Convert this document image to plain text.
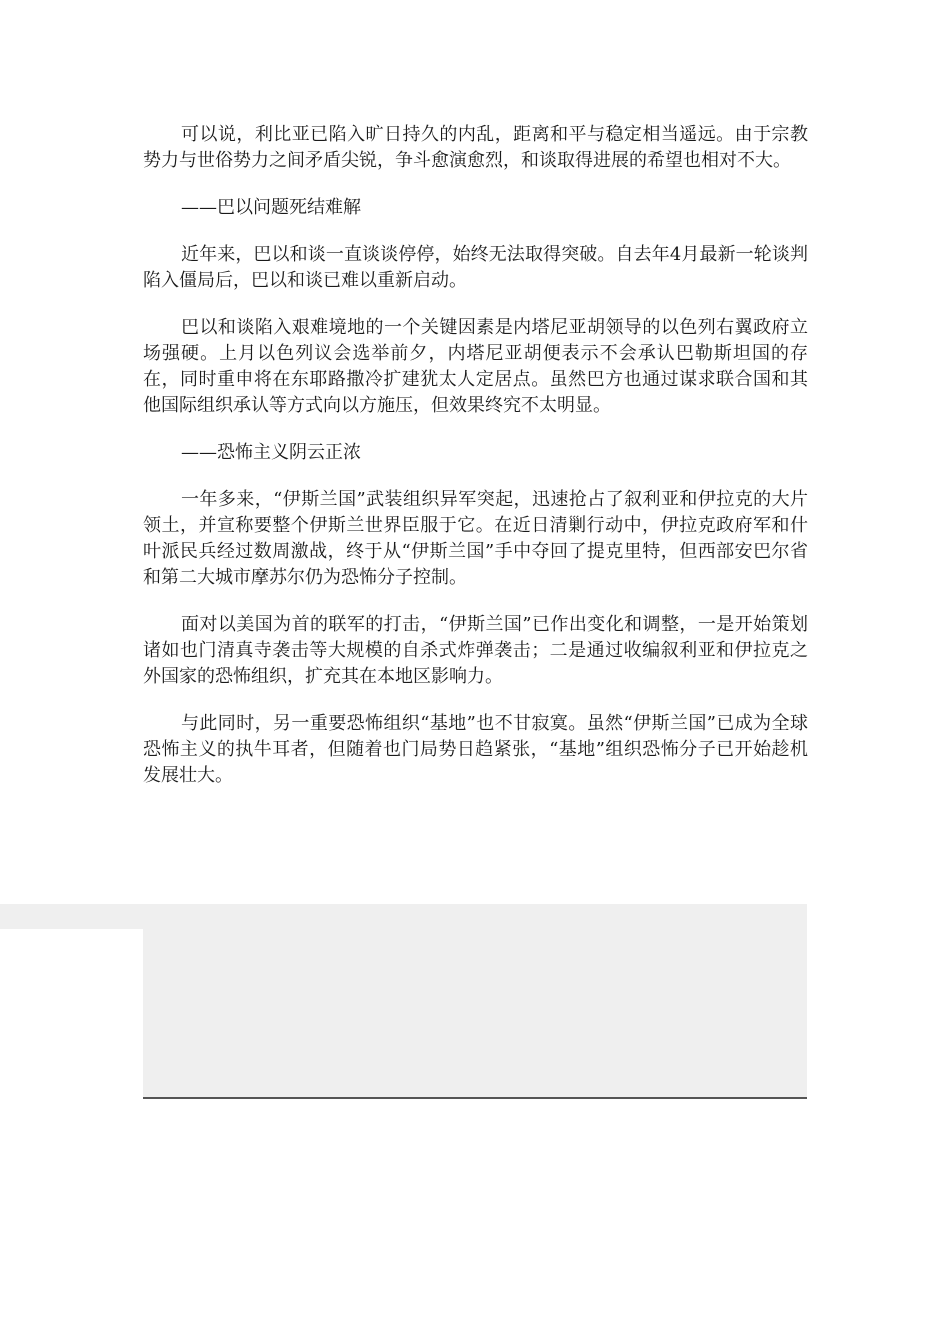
可以说，利比亚已陷入旷日持久的内乱，距离和平与稳定相当遥远。由于宗教势力与世俗势力之间矛盾尖锐，争斗愈演愈烈，和谈取得进展的希望也相对不大。

——巴以问题死结难解

近年来，巴以和谈一直谈谈停停，始终无法取得突破。自去年4月最新一轮谈判陷入僵局后，巴以和谈已难以重新启动。

巴以和谈陷入艰难境地的一个关键因素是内塔尼亚胡领导的以色列右翼政府立场强硬。上月以色列议会选举前夕，内塔尼亚胡便表示不会承认巴勒斯坦国的存在，同时重申将在东耶路撒冷扩建犹太人定居点。虽然巴方也通过谋求联合国和其他国际组织承认等方式向以方施压，但效果终究不太明显。

——恐怖主义阴云正浓

一年多来，“伊斯兰国”武装组织异军突起，迅速抢占了叙利亚和伊拉克的大片领土，并宣称要整个伊斯兰世界臣服于它。在近日清剿行动中，伊拉克政府军和什叶派民兵经过数周激战，终于从“伊斯兰国”手中夺回了提克里特，但西部安巴尔省和第二大城市摩苏尔仍为恐怖分子控制。

面对以美国为首的联军的打击，“伊斯兰国”已作出变化和调整，一是开始策划诸如也门清真寺袭击等大规模的自杀式炸弹袭击；二是通过收编叙利亚和伊拉克之外国家的恐怖组织，扩充其在本地区影响力。

与此同时，另一重要恐怖组织“基地”也不甘寂寞。虽然“伊斯兰国”已成为全球恐怖主义的执牛耳者，但随着也门局势日趋紧张，“基地”组织恐怖分子已开始趁机发展壮大。
